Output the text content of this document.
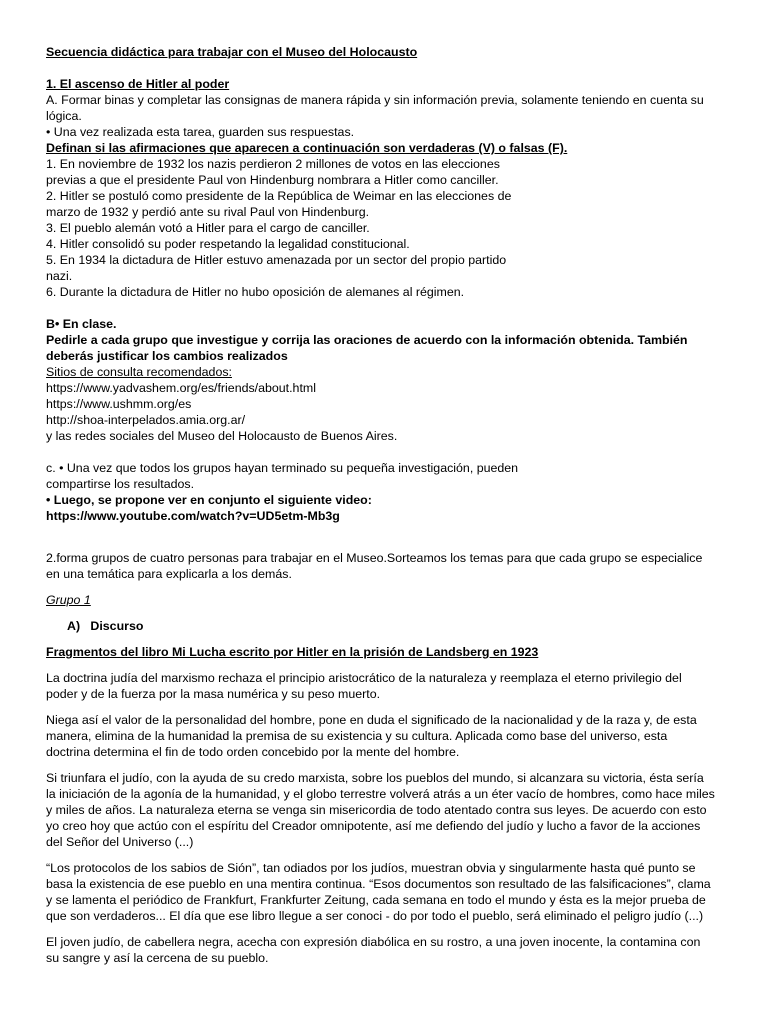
Secuencia didáctica para trabajar con el Museo del Holocausto
1. El ascenso de Hitler al poder
A. Formar binas y completar las consignas de manera rápida y sin información previa, solamente teniendo en cuenta su
lógica.
• Una vez realizada esta tarea, guarden sus respuestas.
Definan si las afirmaciones que aparecen a continuación son verdaderas (V) o falsas (F).
1. En noviembre de 1932 los nazis perdieron 2 millones de votos en las elecciones
previas a que el presidente Paul von Hindenburg nombrara a Hitler como canciller.
2. Hitler se postuló como presidente de la República de Weimar en las elecciones de
marzo de 1932 y perdió ante su rival Paul von Hindenburg.
3. El pueblo alemán votó a Hitler para el cargo de canciller.
4. Hitler consolidó su poder respetando la legalidad constitucional.
5. En 1934 la dictadura de Hitler estuvo amenazada por un sector del propio partido
nazi.
6. Durante la dictadura de Hitler no hubo oposición de alemanes al régimen.
B• En clase.
Pedirle a cada grupo que investigue y corrija las oraciones de acuerdo con la información obtenida. También
deberás justificar los cambios realizados
Sitios de consulta recomendados:
https://www.yadvashem.org/es/friends/about.html
https://www.ushmm.org/es
http://shoa-interpelados.amia.org.ar/
y las redes sociales del Museo del Holocausto de Buenos Aires.
c. • Una vez que todos los grupos hayan terminado su pequeña investigación, pueden
compartirse los resultados.
• Luego, se propone ver en conjunto el siguiente video:
https://www.youtube.com/watch?v=UD5etm-Mb3g
2.forma grupos de cuatro personas para trabajar en el Museo.Sorteamos los temas para que cada grupo se especialice
en una temática para explicarla a los demás.
Grupo 1
A)   Discurso
Fragmentos del libro Mi Lucha escrito por Hitler en la prisión de Landsberg en 1923
La doctrina judía del marxismo rechaza el principio aristocrático de la naturaleza y reemplaza el eterno privilegio del
poder y de la fuerza por la masa numérica y su peso muerto.
Niega así el valor de la personalidad del hombre, pone en duda el significado de la nacionalidad y de la raza y, de esta
manera, elimina de la humanidad la premisa de su existencia y su cultura. Aplicada como base del universo, esta
doctrina determina el fin de todo orden concebido por la mente del hombre.
Si triunfara el judío, con la ayuda de su credo marxista, sobre los pueblos del mundo, si alcanzara su victoria, ésta sería
la iniciación de la agonía de la humanidad, y el globo terrestre volverá atrás a un éter vacío de hombres, como hace miles
y miles de años. La naturaleza eterna se venga sin misericordia de todo atentado contra sus leyes. De acuerdo con esto
yo creo hoy que actúo con el espíritu del Creador omnipotente, así me defiendo del judío y lucho a favor de la acciones
del Señor del Universo (...)
“Los protocolos de los sabios de Sión”, tan odiados por los judíos, muestran obvia y singularmente hasta qué punto se
basa la existencia de ese pueblo en una mentira continua. “Esos documentos son resultado de las falsificaciones”, clama
y se lamenta el periódico de Frankfurt, Frankfurter Zeitung, cada semana en todo el mundo y ésta es la mejor prueba de
que son verdaderos... El día que ese libro llegue a ser conoci - do por todo el pueblo, será eliminado el peligro judío (...)
El joven judío, de cabellera negra, acecha con expresión diabólica en su rostro, a una joven inocente, la contamina con
su sangre y así la cercena de su pueblo.
